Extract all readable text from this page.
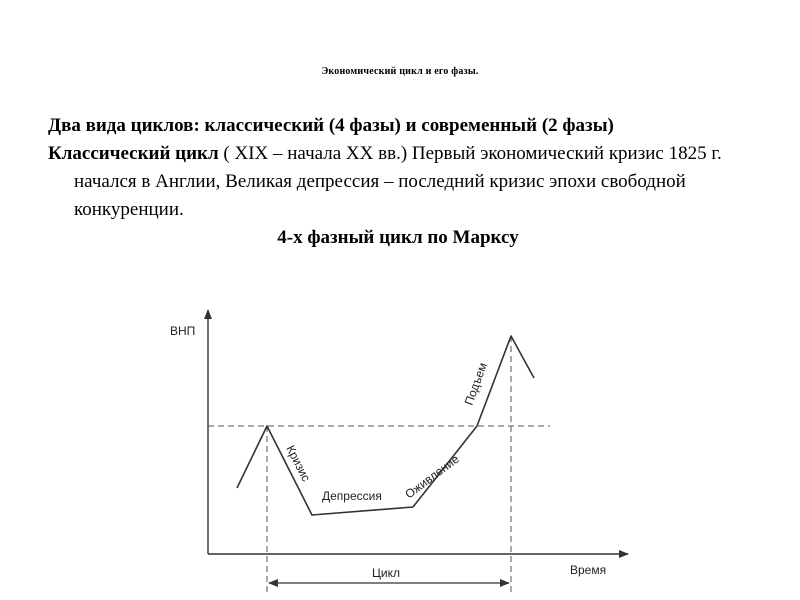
Экономический цикл и его фазы.

Два вида циклов: классический (4 фазы) и современный (2 фазы)

Классический цикл ( XIX – начала XX вв.) Первый экономический кризис 1825 г. начался в Англии, Великая депрессия – последний кризис эпохи свободной конкуренции.

4-х фазный цикл по Марксу

ВНП
Время
Цикл
Кризис
Депрессия Оживление
Подъем
